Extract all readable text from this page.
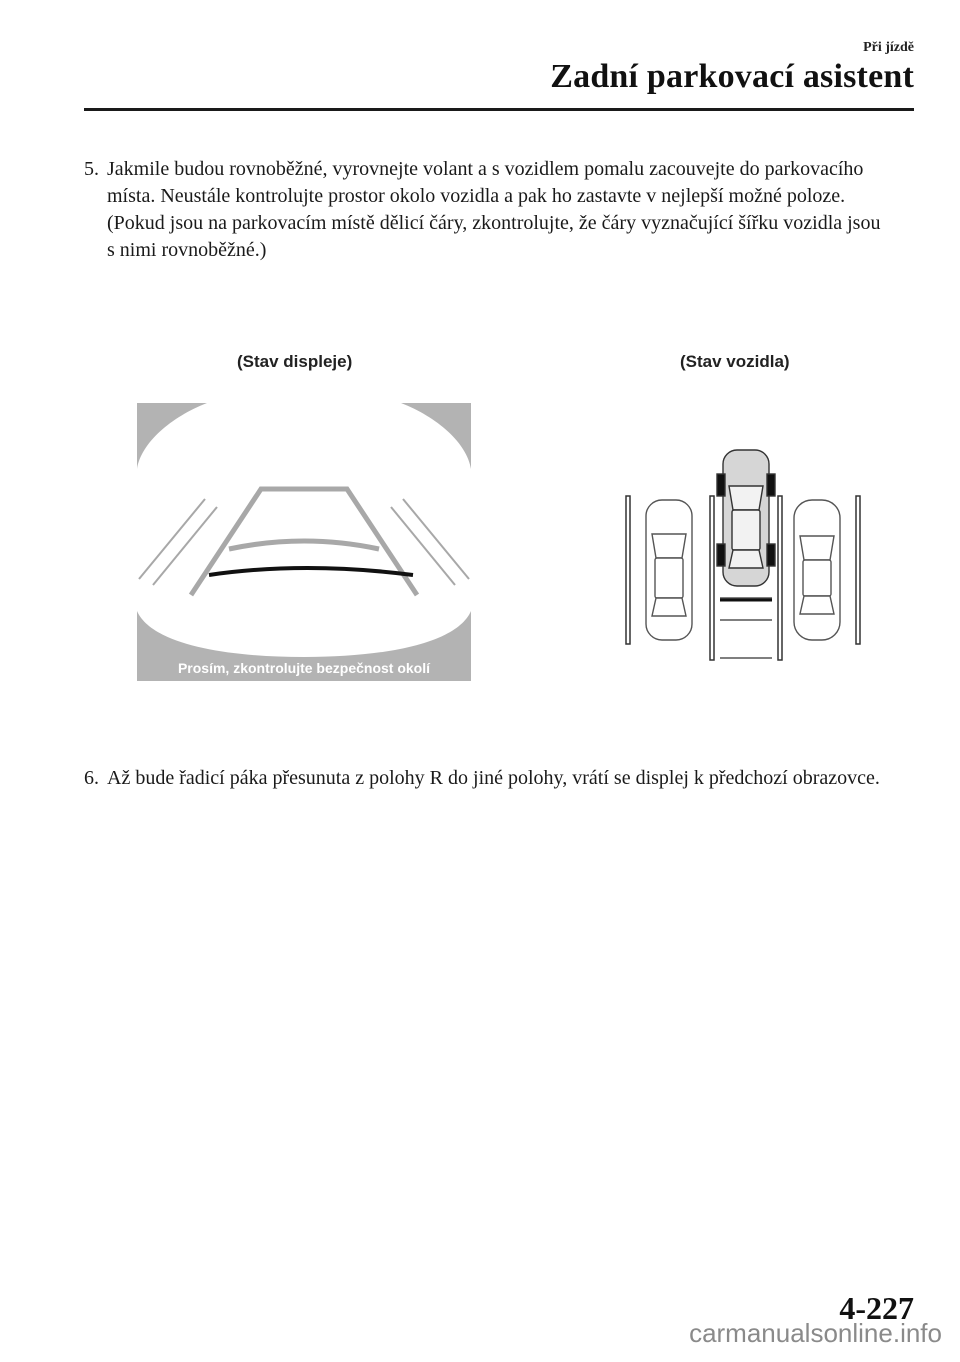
Při jízdě
Zadní parkovací asistent
5. Jakmile budou rovnoběžné, vyrovnejte volant a s vozidlem pomalu zacouvejte do parkovacího místa. Neustále kontrolujte prostor okolo vozidla a pak ho zastavte v nejlepší možné poloze. (Pokud jsou na parkovacím místě dělicí čáry, zkontrolujte, že čáry vyznačující šířku vozidla jsou s nimi rovnoběžné.)
(Stav displeje)	(Stav vozidla)
Prosím, zkontrolujte bezpečnost okolí
6. Až bude řadicí páka přesunuta z polohy R do jiné polohy, vrátí se displej k předchozí obrazovce.
4-227
carmanualsonline.info
